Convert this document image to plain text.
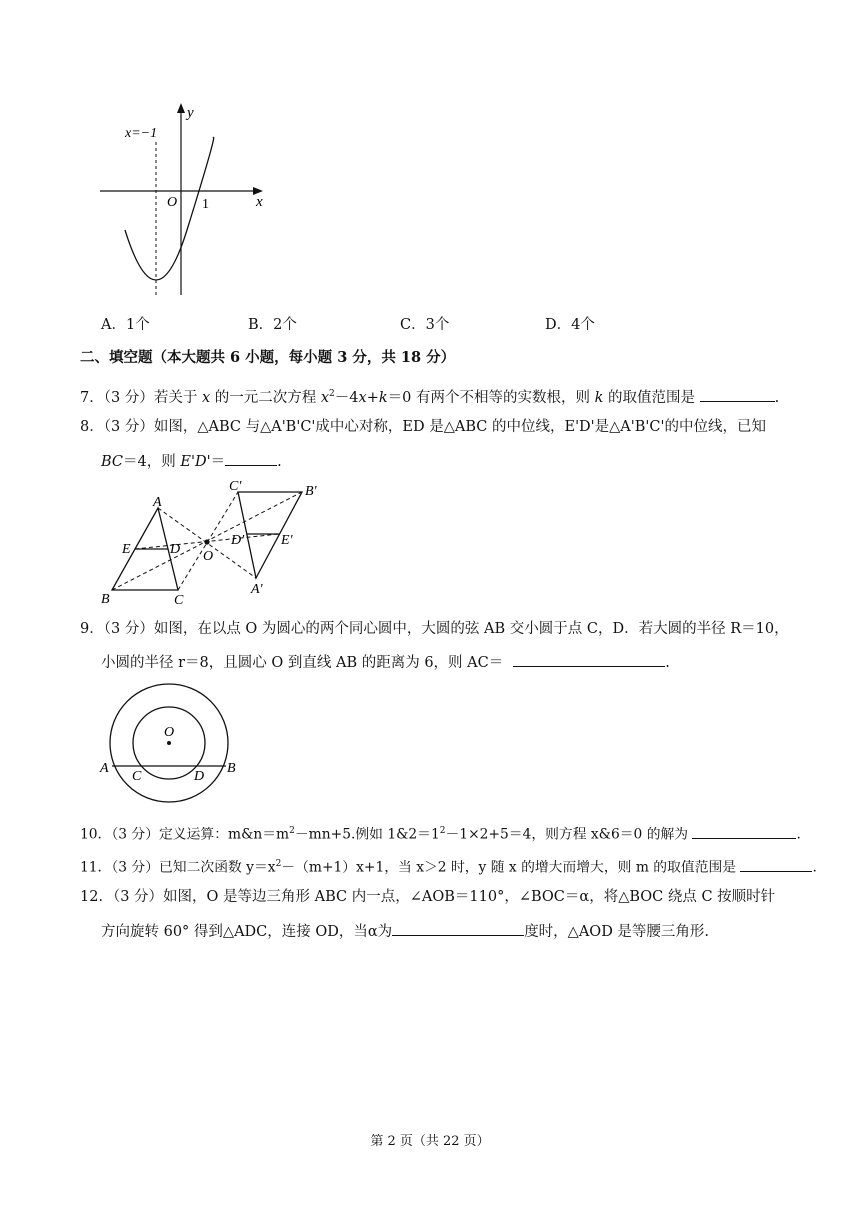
y
x
O 1
x=−1
A．1个	B．2个	C．3个	D．4个
二、填空题（本大题共 6 小题，每小题 3 分，共 18 分）
7．（3 分）若关于 x 的一元二次方程 $x^2-4x+k=0$ 有两个不相等的实数根，则 k 的取值范围是	.
8．（3 分）如图，△ABC 与△A'B'C'成中心对称，ED 是△ABC 的中位线，E'D'是△A'B'C'的中位线，已知
BC＝4，则 E'D'＝	.
A
E	D
B	C
O
C'	B'
D'	E'
A'
9．（3 分）如图，在以点 O 为圆心的两个同心圆中，大圆的弦 AB 交小圆于点 C，D．若大圆的半径 R＝10，
小圆的半径 r＝8，且圆心 O 到直线 AB 的距离为 6，则 AC＝	.
O
A	B
C	D
10．（3 分）定义运算：$m\&n=m^2-mn+5$.例如 $1\&2=1^2-1\times 2+5=4$，则方程 x&6＝0 的解为	.
11．（3 分）已知二次函数 $y=x^2-(m+1)x+1$，当 x＞2 时，y 随 x 的增大而增大，则 m 的取值范围是	.
12．（3 分）如图，O 是等边三角形 ABC 内一点，∠AOB＝110°，∠BOC＝α，将△BOC 绕点 C 按顺时针
方向旋转 60° 得到△ADC，连接 OD，当α为	度时，△AOD 是等腰三角形.
第 2 页（共 22 页）
